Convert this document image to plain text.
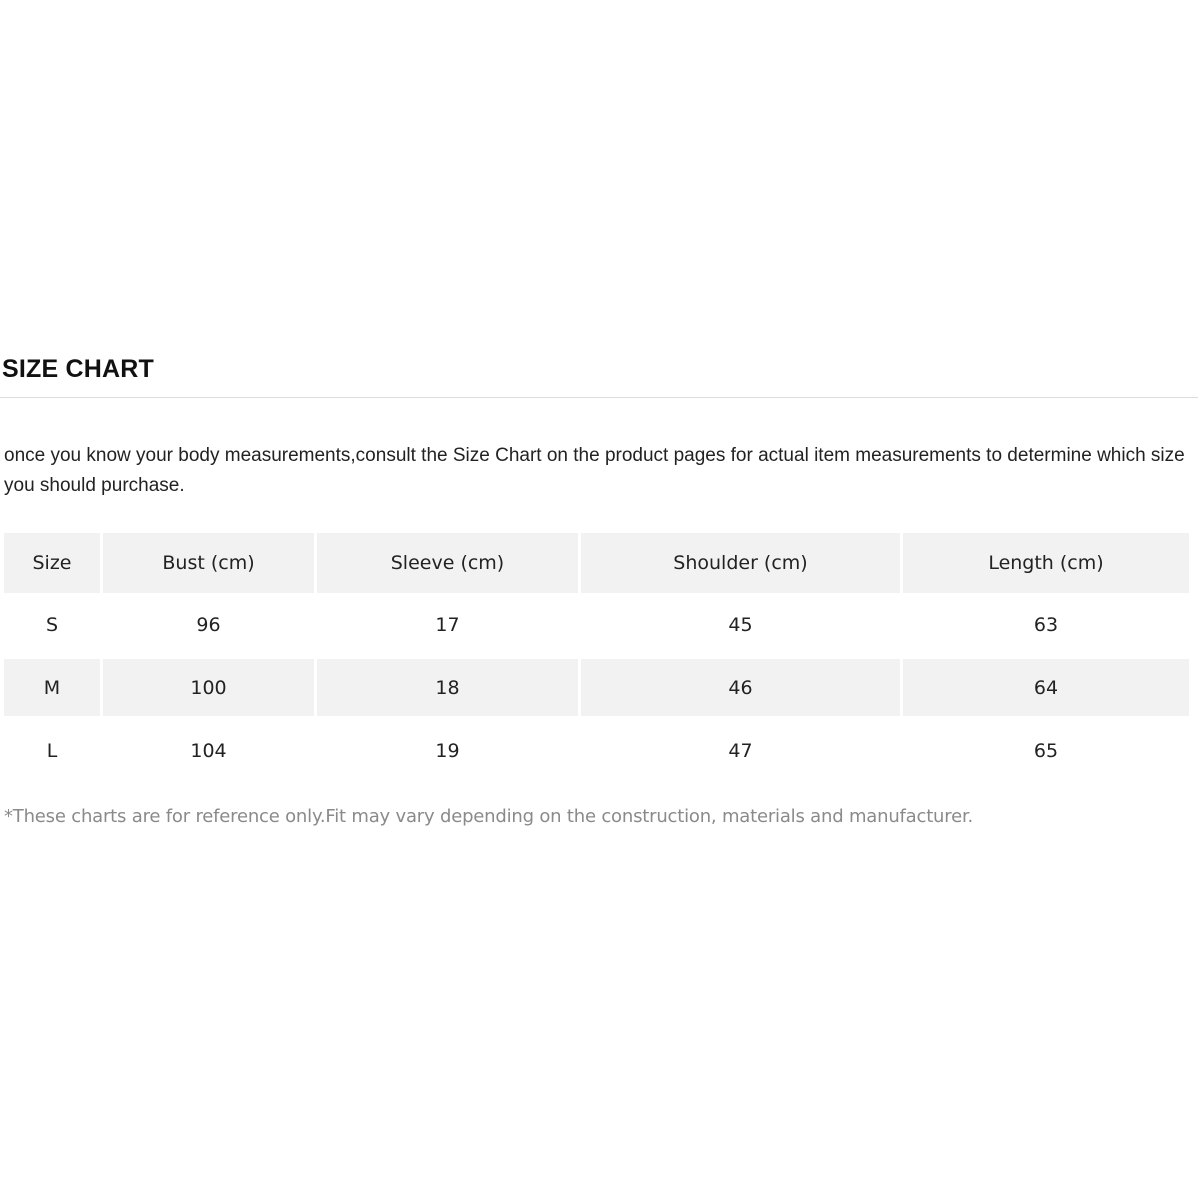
SIZE CHART

once you know your body measurements,consult the Size Chart on the product pages for actual item measurements to determine which size you should purchase.

Size	Bust (cm)	Sleeve (cm)	Shoulder (cm)	Length (cm)
S	96	17	45	63
M	100	18	46	64
L	104	19	47	65

*These charts are for reference only.Fit may vary depending on the construction, materials and manufacturer.
